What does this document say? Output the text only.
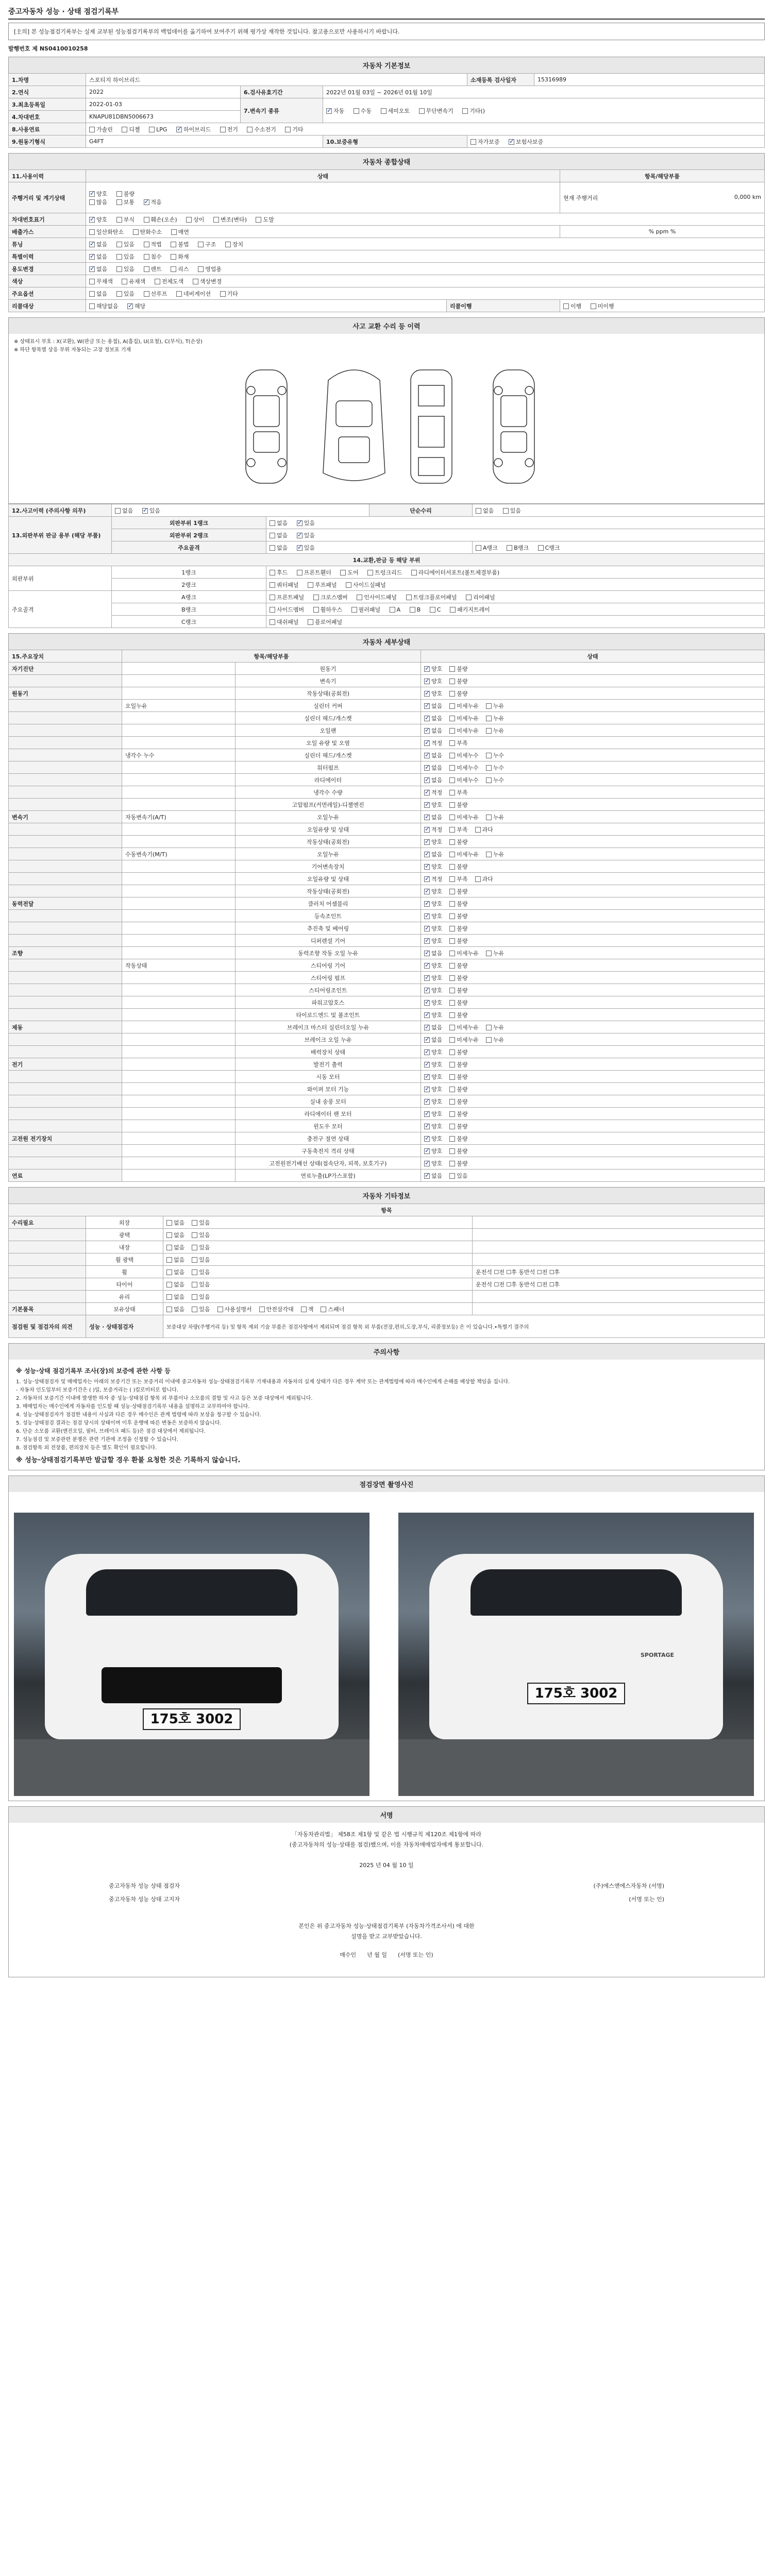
중고자동차 성능 · 상태 점검기록부
[主의] 본 성능점검기록부는 실제 교부된 성능점검기록부의 백업데이를 옮기하여 보여주기 위해 평가상 재작한 것입니다. 참고용으로만 사용하시기 바랍니다.
발행번호 제 NS0410010258
자동차 기본정보
1.차명	스포티지 하이브리드			소재등록 검사일자	15316989
2.연식	2022	6.검사유효기간	2022년 01월 03일 ~ 2026년 01월 10일		
3.최초등록일	2022-01-03	7.변속기 종류	✓자동 수동 세미오토 무단변속기 기타()
4.차대번호	KNAPU81DBN5006673				
8.사용연료	가솔린 디젤 LPG ✓ 하이브리드 전기 수소전기 기타
9.원동기형식	G4FT		10.보증유형	자가보증 ✓ 보험사보증
자동차 종합상태
11.사용이력	상태		항목/해당부품
주행거리 및 계기상태	✓양호 불량
많음 보통 ✓ 적음		현재 주행거리 0,000 km

차대번호표기	✓양호 부식 훼손(오손) 상이 변조(변타) 도말
배출가스	일산화탄소 탄화수소 매연		% ppm %
튜닝	✓없음 있음 적법 불법 구조 장치
특별이력	✓없음 있음 침수 화재
용도변경	✓없음 있음 렌트 리스 영업용
색상	무채색 유채색 전체도색 색상변경		
주요옵션	없음 있음 선루프 네비게이션 기타		
리콜대상	해당없음 ✓ 해당	리콜이행	이행 미이행
사고 교환 수리 등 이력
※ 상태표시 부호 : X(교환), W(판금 또는 용접), A(흠집), U(요철), C(부식), T(손상)
※ 하단 항목별 상응 부위 자동되는 고장 정보표 기재
12.사고이력 (주의사항 의무)	없음 ✓ 있음		단순수리	없음 있음
13.외판부위 판금 용부 (해당 부품)	외판부위 1랭크	없음 ✓ 있음
	외판부위 2랭크	없음 ✓ 있음
	주요골격	없음 ✓ 있음		A랭크 B랭크 C랭크
14.교환,판금 등 해당 부위				
외판부위	1랭크	후드 프론트휀더 도어 트렁크리드 라디에이터서포트(볼트체결부품)		
	2랭크	쿼터패널 루프패널 사이드실패널		
주요골격	A랭크	프론트패널 크로스멤버 인사이드패널 트렁크플로어패널 리어패널		
	B랭크	사이드멤버 휠하우스 필러패널 A B C 패키지트레이		
	C랭크	대쉬패널 플로어패널		
자동차 세부상태
15.주요장치	항목/해당부품		상태
자기진단		원동기	✓양호 불량
		변속기	✓양호 불량
원동기		작동상태(공회전)	✓양호 불량
	오일누유	실린더 커버	✓없음 미세누유 누유
		실린더 헤드/개스켓	✓없음 미세누유 누유
		오일팬	✓없음 미세누유 누유
		오일 유량 및 오염	✓적정 부족
	냉각수 누수	실린더 헤드/개스켓	✓없음 미세누수 누수
		워터펌프	✓없음 미세누수 누수
		라디에이터	✓없음 미세누수 누수
		냉각수 수량	✓적정 부족
		고압펌프(커먼레일)-디젤엔진	✓양호 불량
변속기	자동변속기(A/T)	오일누유	✓없음 미세누유 누유
		오일유량 및 상태	✓적정 부족 과다
		작동상태(공회전)	✓양호 불량
	수동변속기(M/T)	오일누유	✓없음 미세누유 누유
		기어변속장치	✓양호 불량
		오일유량 및 상태	✓적정 부족 과다
		작동상태(공회전)	✓양호 불량
동력전달		클러치 어셈블리	✓양호 불량
		등속조인트	✓양호 불량
		추진축 및 베어링	✓양호 불량
		디퍼렌셜 기어	✓양호 불량
조향		동력조향 작동 오일 누유	✓없음 미세누유 누유
	작동상태	스티어링 기어	✓양호 불량
		스티어링 펌프	✓양호 불량
		스티어링조인트	✓양호 불량
		파워고압호스	✓양호 불량
		타이로드엔드 및 볼조인트	✓양호 불량
제동		브레이크 마스터 실린더오일 누유	✓없음 미세누유 누유
		브레이크 오일 누유	✓없음 미세누유 누유
		배력장치 상태	✓양호 불량
전기		발전기 출력	✓양호 불량
		시동 모터	✓양호 불량
		와이퍼 모터 기능	✓양호 불량
		실내 송풍 모터	✓양호 불량
		라디에이터 팬 모터	✓양호 불량
		윈도우 모터	✓양호 불량
고전원 전기장치		충전구 절연 상태	✓양호 불량
		구동축전지 격리 상태	✓양호 불량
		고전원전기배선 상태(접속단자, 피복, 보호기구)	✓양호 불량
연료		연료누출(LP가스포함)	✓없음 있음
자동차 기타정보
항목			
수리필요	외장	없음 있음	
	광택	없음 있음	
	내장	없음 있음	
	휠 광택	없음 있음	
	휠	없음 있음	운전석 ☐전 ☐후 동반석 ☐전 ☐후
	타이어	없음 있음	운전석 ☐전 ☐후 동반석 ☐전 ☐후
	유리	없음 있음	
기본품목	보유상태	없음 있음 사용설명서 안전삼각대 잭 스패너	
점검원 및 점검자의 의견	성능 · 상태점검자	보증대상 차량(주행거리 등) 및 항목 제외 기술 부품은 점검사항에서 제외되며 점검 항목 외 부품(전장,편의,도장,부식, 리콜정보등) 은 이 있습니다.•특별기 결주의	
주의사항
※ 성능·상태 점검기록부 조사(장)의 보증에 관한 사항 등
1. 성능·상태점검자 및 매매업자는 아래의 보증기간 또는 보증거리 이내에 중고자동차 성능·상태점검기록부 기재내용과 자동차의 실제 상태가 다른 경우 계약 또는 관계법령에 따라 매수인에게 손해를 배상할 책임을 집니다.
- 자동차 인도일부터 보증기간은 ( )일, 보증거리는 ( )킬로미터로 합니다.
2. 자동차의 보증기간 이내에 발생한 하자 중 성능·상태점검 항목 외 부품이나 소모품의 결함 및 사고 등은 보증 대상에서 제외됩니다.
3. 매매업자는 매수인에게 자동차를 인도할 때 성능·상태점검기록부 내용을 설명하고 교부하여야 합니다.
4. 성능·상태점검자가 점검한 내용이 사실과 다른 경우 매수인은 관계 법령에 따라 보상을 청구할 수 있습니다.
5. 성능·상태점검 결과는 점검 당시의 상태이며 이후 운행에 따른 변동은 보증하지 않습니다.
6. 단순 소모품 교환(엔진오일, 필터, 브레이크 패드 등)은 점검 대상에서 제외됩니다.
7. 성능점검 및 보증관련 분쟁은 관련 기관에 조정을 신청할 수 있습니다.
8. 점검항목 외 전장품, 편의장치 등은 별도 확인이 필요합니다.
※ 성능·상태점검기록부만 발급할 경우 환불 요청한 것은 기록하지 않습니다.
점검장면 촬영사진
175호 3002
SPORTAGE
175호 3002
서명
「자동차관리법」 제58조 제1항 및 같은 법 시행규칙 제120조 제1항에 따라
(중고자동차의 성능·상태를 점검)했으며, 이를 자동차매매업자에게 통보합니다.
2025 년 04 월 10 일
중고자동차 성능 상태 점검자	(주)에스앤에스자동차 (서명)
중고자동차 성능 상태 고지자	(서명 또는 인)
본인은 위 중고자동차 성능·상태점검기록부 (자동차가격조사서) 에 대한
설명을 받고 교부받았습니다.
매수인 년 월 일 (서명 또는 인)
